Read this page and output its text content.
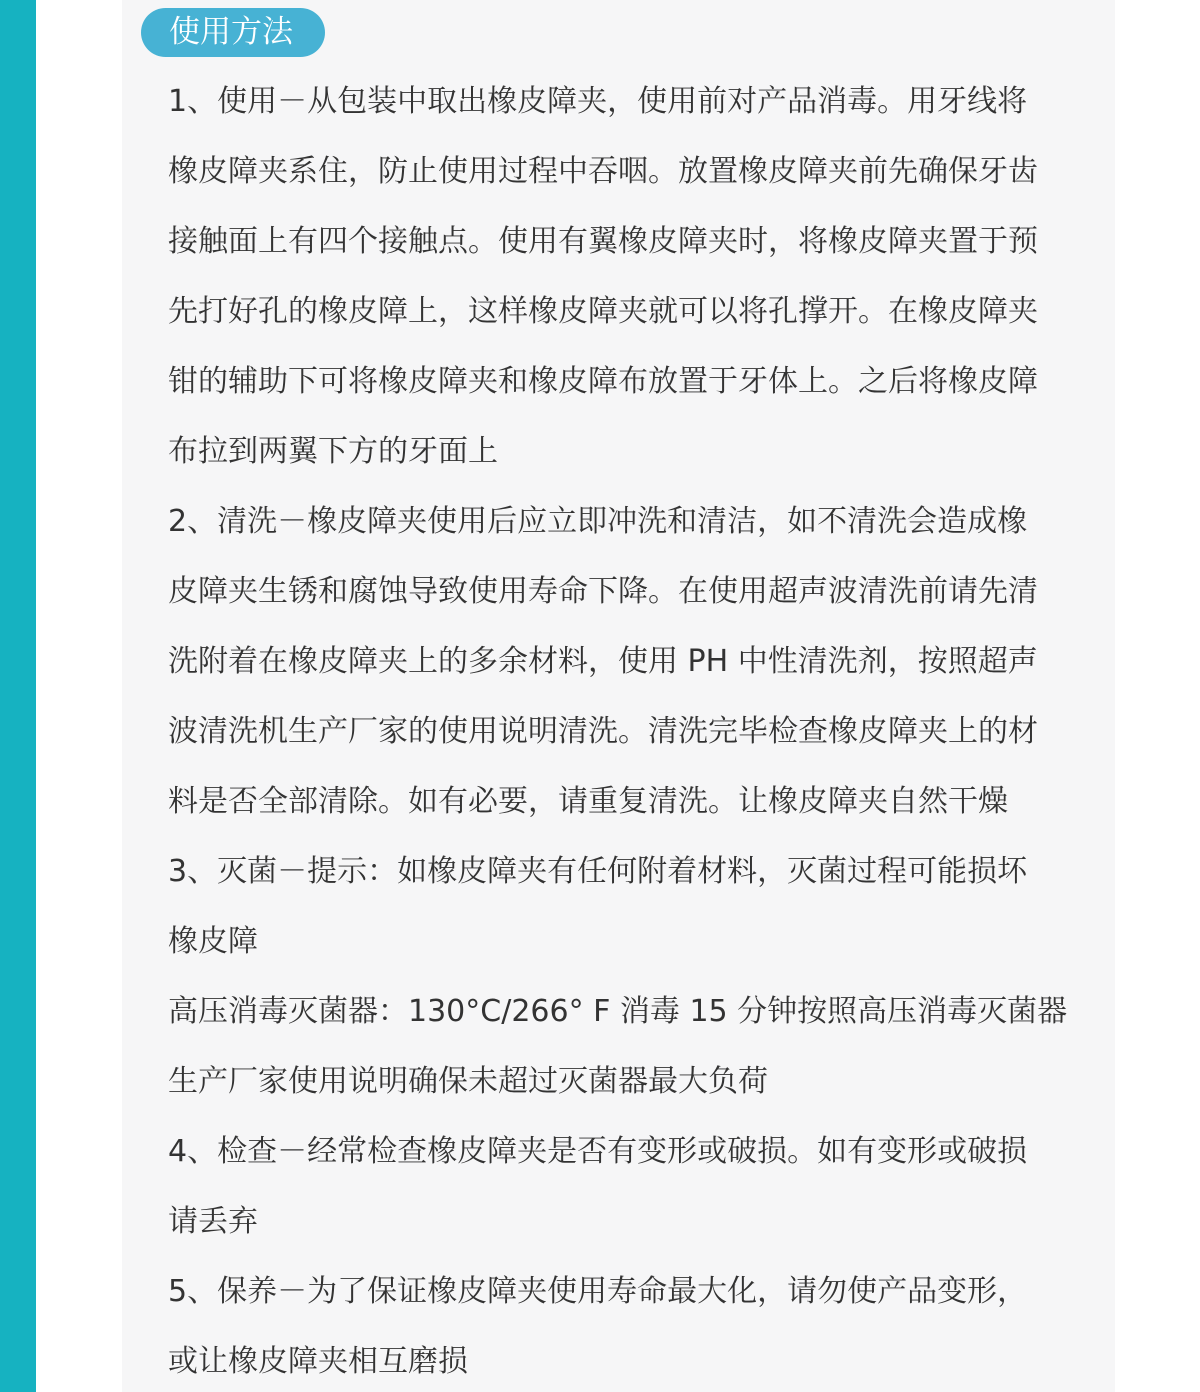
使用方法
1、使用－从包装中取出橡皮障夹，使用前对产品消毒。用牙线将
橡皮障夹系住，防止使用过程中吞咽。放置橡皮障夹前先确保牙齿
接触面上有四个接触点。使用有翼橡皮障夹时，将橡皮障夹置于预
先打好孔的橡皮障上，这样橡皮障夹就可以将孔撑开。在橡皮障夹
钳的辅助下可将橡皮障夹和橡皮障布放置于牙体上。之后将橡皮障
布拉到两翼下方的牙面上
2、清洗－橡皮障夹使用后应立即冲洗和清洁，如不清洗会造成橡
皮障夹生锈和腐蚀导致使用寿命下降。在使用超声波清洗前请先清
洗附着在橡皮障夹上的多余材料，使用 PH 中性清洗剂，按照超声
波清洗机生产厂家的使用说明清洗。清洗完毕检查橡皮障夹上的材
料是否全部清除。如有必要，请重复清洗。让橡皮障夹自然干燥
3、灭菌－提示：如橡皮障夹有任何附着材料，灭菌过程可能损坏
橡皮障
高压消毒灭菌器：130°C/266° F 消毒 15 分钟按照高压消毒灭菌器
生产厂家使用说明确保未超过灭菌器最大负荷
4、检查－经常检查橡皮障夹是否有变形或破损。如有变形或破损
请丢弃
5、保养－为了保证橡皮障夹使用寿命最大化，请勿使产品变形，
或让橡皮障夹相互磨损
